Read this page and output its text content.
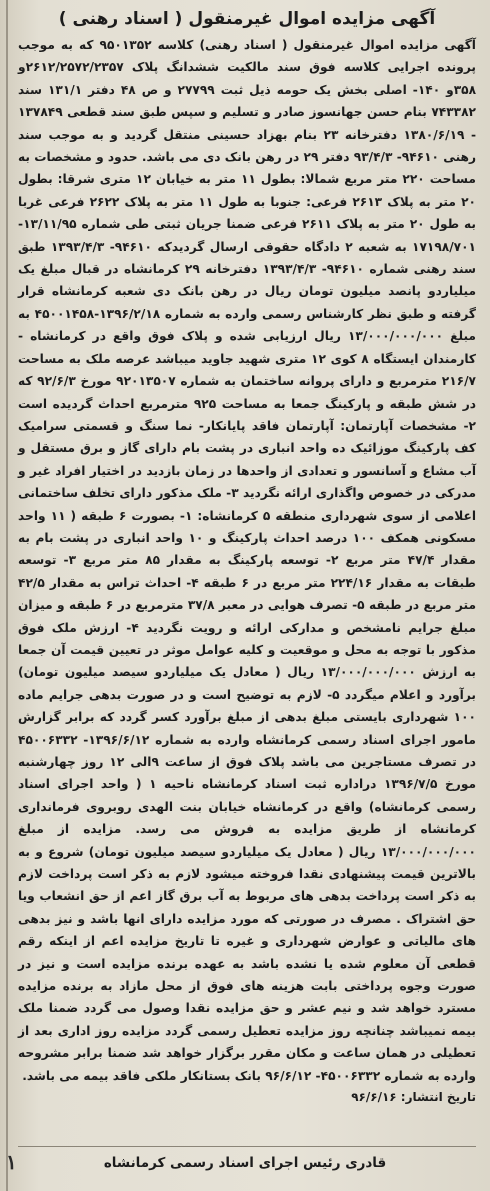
آگهی مزایده اموال غیرمنقول ( اسناد رهنی )

آگهی مزایده اموال غیرمنقول ( اسناد رهنی) کلاسه ۹۵۰۱۳۵۲ که به موجب پرونده اجرایی کلاسه فوق سند مالکیت ششدانگ پلاک ۲۶۱۲/۲۵۷۲/۲۳۵۷و ۳۵۸و ۱۴۰- اصلی بخش یک حومه ذیل ثبت ۲۷۷۹۹ و ص ۴۸ دفتر ۱۳۱/۱ سند ۷۴۳۳۸۲ بنام حسن جهانسوز صادر و تسلیم و سپس طبق سند قطعی ۱۳۷۸۴۹ - ۱۳۸۰/۶/۱۹ دفترخانه ۲۳ بنام بهزاد حسینی منتقل گردید و به موجب سند رهنی ۹۴۶۱۰- ۹۳/۴/۳ دفتر ۲۹ در رهن بانک دی می باشد. حدود و مشخصات به مساحت ۲۲۰ متر مربع شمالا: بطول ۱۱ متر به خیابان ۱۲ متری شرقا: بطول ۲۰ متر به پلاک ۲۶۱۳ فرعی: جنوبا به طول ۱۱ متر به پلاک ۲۶۲۲ فرعی غربا به طول ۲۰ متر به پلاک ۲۶۱۱ فرعی ضمنا جریان ثبتی طی شماره ۱۳/۱۱/۹۵- ۱۷۱۹۸/۷۰۱ به شعبه ۲ دادگاه حقوقی ارسال گردیدکه ۹۴۶۱۰- ۱۳۹۳/۴/۳ طبق سند رهنی شماره ۹۴۶۱۰- ۱۳۹۳/۴/۳ دفترخانه ۲۹ کرمانشاه در قبال مبلغ یک میلیاردو پانصد میلیون تومان ریال در رهن بانک دی شعبه کرمانشاه قرار گرفته و طبق نظر کارشناس رسمی وارده به شماره ۱۳۹۶/۲/۱۸-۴۵۰۰۱۴۵۸ به مبلغ ۱۳/۰۰۰/۰۰۰/۰۰۰ ریال ارزیابی شده و پلاک فوق واقع در کرمانشاه - کارمندان ایستگاه ۸ کوی ۱۲ متری شهید جاوید میباشد عرصه ملک به مساحت ۲۱۶/۷ مترمربع و دارای پروانه ساختمان به شماره ۹۲۰۱۳۵۰۷ مورخ ۹۲/۶/۳ که در شش طبقه و پارکینگ جمعا به مساحت ۹۲۵ مترمربع احداث گردیده است ۲- مشخصات آپارتمان: آپارتمان فاقد پایانکار- نما سنگ و قسمتی سرامیک کف پارکینگ موزائیک ده واحد انباری در پشت بام دارای گاز و برق مستقل و آب مشاع و آسانسور و تعدادی از واحدها در زمان بازدید در اختیار افراد غیر و مدرکی در خصوص واگذاری ارائه نگردید ۳- ملک مذکور دارای تخلف ساختمانی اعلامی از سوی شهرداری منطقه ۵ کرمانشاه: ۱- بصورت ۶ طبقه ( ۱۱ واحد مسکونی همکف ۱۰۰ درصد احداث پارکینگ و ۱۰ واحد انباری در پشت بام به مقدار ۴۷/۴ متر مربع ۲- توسعه پارکینگ به مقدار ۸۵ متر مربع ۳- توسعه طبقات به مقدار ۲۲۴/۱۶ متر مربع در ۶ طبقه ۴- احداث تراس به مقدار ۴۲/۵ متر مربع در طبقه ۵- تصرف هوایی در معبر ۳۷/۸ مترمربع در ۶ طبقه و میزان مبلغ جرایم نامشخص و مدارکی ارائه و رویت نگردید ۴- ارزش ملک فوق مذکور با توجه به محل و موقعیت و کلیه عوامل موثر در تعیین قیمت آن جمعا به ارزش ۱۳/۰۰۰/۰۰۰/۰۰۰ ریال ( معادل یک میلیاردو سیصد میلیون تومان) برآورد و اعلام میگردد ۵- لازم به توضیح است و در صورت بدهی جرایم ماده ۱۰۰ شهرداری بایستی مبلغ بدهی از مبلغ برآورد کسر گردد که برابر گزارش مامور اجرای اسناد رسمی کرمانشاه وارده به شماره ۱۳۹۶/۶/۱۲- ۴۵۰۰۶۳۳۲ در تصرف مستاجرین می باشد پلاک فوق از ساعت ۹الی ۱۲ روز چهارشنبه مورخ ۱۳۹۶/۷/۵ دراداره ثبت اسناد کرمانشاه ناحیه ۱ ( واحد اجرای اسناد رسمی کرمانشاه) واقع در کرمانشاه خیابان بنت الهدی روبروی فرمانداری کرمانشاه از طریق مزایده به فروش می رسد. مزایده از مبلغ ۱۳/۰۰۰/۰۰۰/۰۰۰ ریال ( معادل یک میلیاردو سیصد میلیون تومان) شروع و به بالاترین قیمت پیشنهادی نقدا فروخته میشود لازم به ذکر است پرداخت لازم به ذکر است پرداخت بدهی های مربوط به آب برق گاز اعم از حق انشعاب ویا حق اشتراک . مصرف در صورتی که مورد مزایده دارای انها باشد و نیز بدهی های مالیاتی و عوارض شهرداری و غیره تا تاریخ مزایده اعم از اینکه رقم قطعی آن معلوم شده یا نشده باشد به عهده برنده مزایده است و نیز در صورت وجوه پرداختی بابت هزینه های فوق از محل مازاد به برنده مزایده مسترد خواهد شد و نیم عشر و حق مزایده نقدا وصول می گردد ضمنا ملک بیمه نمیباشد چنانچه روز مزایده تعطیل رسمی گردد مزایده روز اداری بعد از تعطیلی در همان ساعت و مکان مقرر برگزار خواهد شد ضمنا برابر مشروحه وارده به شماره ۴۵۰۰۶۳۳۲- ۹۶/۶/۱۲ بانک بستانکار ملکی فاقد بیمه می باشد.

تاریخ انتشار: ۹۶/۶/۱۶
قادری رئیس اجرای اسناد رسمی کرمانشاه
۱
